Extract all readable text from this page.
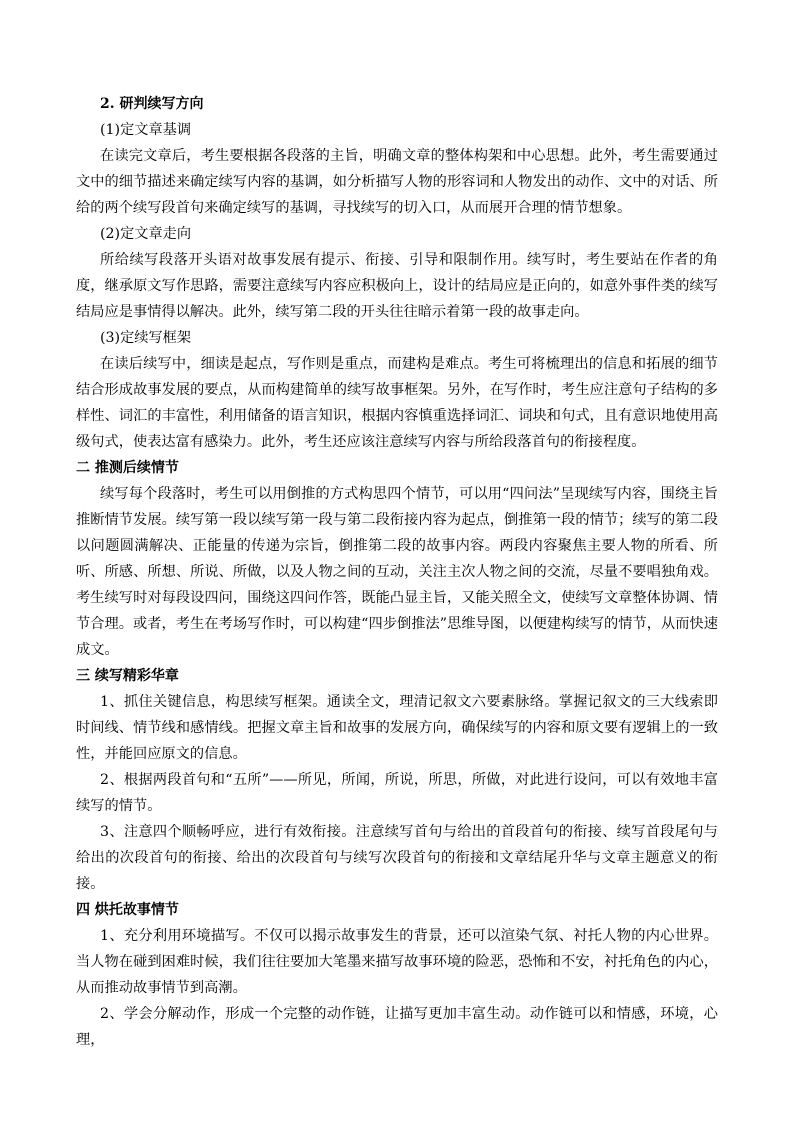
2. 研判续写方向

(1)定文章基调

在读完文章后，考生要根据各段落的主旨，明确文章的整体构架和中心思想。此外，考生需要通过文中的细节描述来确定续写内容的基调，如分析描写人物的形容词和人物发出的动作、文中的对话、所给的两个续写段首句来确定续写的基调，寻找续写的切入口，从而展开合理的情节想象。

(2)定文章走向

所给续写段落开头语对故事发展有提示、衔接、引导和限制作用。续写时，考生要站在作者的角度，继承原文写作思路，需要注意续写内容应积极向上，设计的结局应是正向的，如意外事件类的续写结局应是事情得以解决。此外，续写第二段的开头往往暗示着第一段的故事走向。

(3)定续写框架

在读后续写中，细读是起点，写作则是重点，而建构是难点。考生可将梳理出的信息和拓展的细节结合形成故事发展的要点，从而构建简单的续写故事框架。另外，在写作时，考生应注意句子结构的多样性、词汇的丰富性，利用储备的语言知识，根据内容慎重选择词汇、词块和句式，且有意识地使用高级句式，使表达富有感染力。此外，考生还应该注意续写内容与所给段落首句的衔接程度。

二 推测后续情节

续写每个段落时，考生可以用倒推的方式构思四个情节，可以用“四问法”呈现续写内容，围绕主旨推断情节发展。续写第一段以续写第一段与第二段衔接内容为起点，倒推第一段的情节；续写的第二段以问题圆满解决、正能量的传递为宗旨，倒推第二段的故事内容。两段内容聚焦主要人物的所看、所听、所感、所想、所说、所做，以及人物之间的互动，关注主次人物之间的交流，尽量不要唱独角戏。考生续写时对每段设四问，围绕这四问作答，既能凸显主旨，又能关照全文，使续写文章整体协调、情节合理。或者，考生在考场写作时，可以构建“四步倒推法”思维导图，以便建构续写的情节，从而快速成文。

三 续写精彩华章

1、抓住关键信息，构思续写框架。通读全文，理清记叙文六要素脉络。掌握记叙文的三大线索即时间线、情节线和感情线。把握文章主旨和故事的发展方向，确保续写的内容和原文要有逻辑上的一致性，并能回应原文的信息。

2、根据两段首句和“五所”——所见，所闻，所说，所思，所做，对此进行设问，可以有效地丰富续写的情节。

3、注意四个顺畅呼应，进行有效衔接。注意续写首句与给出的首段首句的衔接、续写首段尾句与给出的次段首句的衔接、给出的次段首句与续写次段首句的衔接和文章结尾升华与文章主题意义的衔接。

四 烘托故事情节

1、充分利用环境描写。不仅可以揭示故事发生的背景，还可以渲染气氛、衬托人物的内心世界。当人物在碰到困难时候，我们往往要加大笔墨来描写故事环境的险恶，恐怖和不安，衬托角色的内心，从而推动故事情节到高潮。

2、学会分解动作，形成一个完整的动作链，让描写更加丰富生动。动作链可以和情感，环境，心理，
